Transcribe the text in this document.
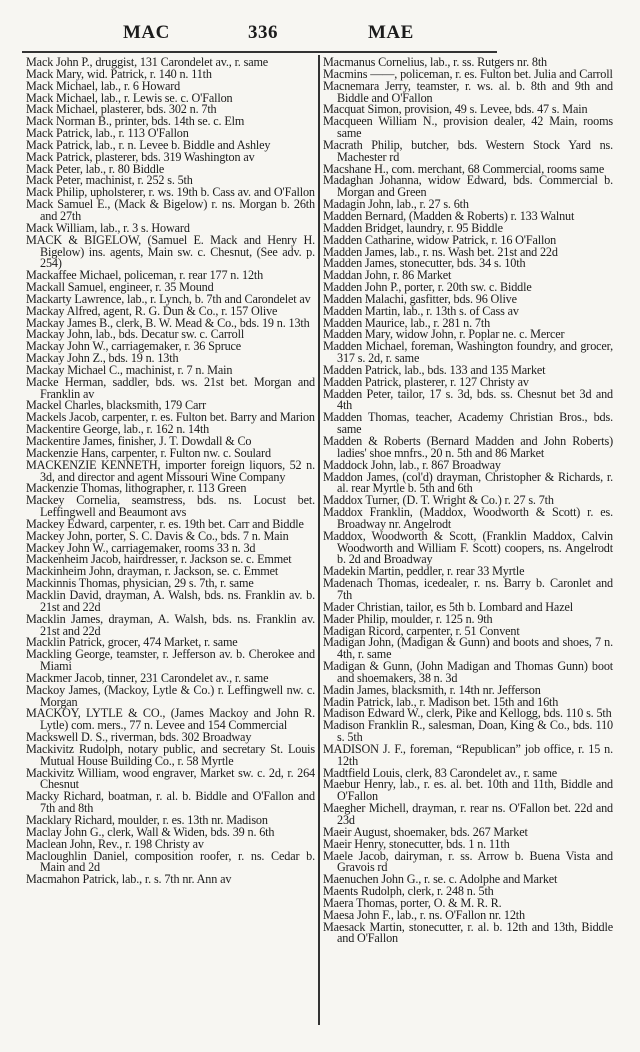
MAC	336	MAE

Mack John P., druggist, 131 Carondelet av., r. same

Mack Mary, wid. Patrick, r. 140 n. 11th

Mack Michael, lab., r. 6 Howard

Mack Michael, lab., r. Lewis se. c. O'Fallon

Mack Michael, plasterer, bds. 302 n. 7th

Mack Norman B., printer, bds. 14th se. c. Elm

Mack Patrick, lab., r. 113 O'Fallon

Mack Patrick, lab., r. n. Levee b. Biddle and Ashley

Mack Patrick, plasterer, bds. 319 Washington av

Mack Peter, lab., r. 80 Biddle

Mack Peter, machinist, r. 252 s. 5th

Mack Philip, upholsterer, r. ws. 19th b. Cass av. and O'Fallon

Mack Samuel E., (Mack & Bigelow) r. ns. Morgan b. 26th and 27th

Mack William, lab., r. 3 s. Howard

MACK & BIGELOW, (Samuel E. Mack and Henry H. Bigelow) ins. agents, Main sw. c. Chesnut, (See adv. p. 254)

Mackaffee Michael, policeman, r. rear 177 n. 12th

Mackall Samuel, engineer, r. 35 Mound

Mackarty Lawrence, lab., r. Lynch, b. 7th and Carondelet av

Mackay Alfred, agent, R. G. Dun & Co., r. 157 Olive

Mackay James B., clerk, B. W. Mead & Co., bds. 19 n. 13th

Mackay John, lab., bds. Decatur sw. c. Carroll

Mackay John W., carriagemaker, r. 36 Spruce

Mackay John Z., bds. 19 n. 13th

Mackay Michael C., machinist, r. 7 n. Main

Macke Herman, saddler, bds. ws. 21st bet. Morgan and Franklin av

Mackel Charles, blacksmith, 179 Carr

Mackels Jacob, carpenter, r. es. Fulton bet. Barry and Marion

Mackentire George, lab., r. 162 n. 14th

Mackentire James, finisher, J. T. Dowdall & Co

Mackenzie Hans, carpenter, r. Fulton nw. c. Soulard

MACKENZIE KENNETH, importer foreign liquors, 52 n. 3d, and director and agent Missouri Wine Company

Mackenzie Thomas, lithographer, r. 113 Green

Mackey Cornelia, seamstress, bds. ns. Locust bet. Leffingwell and Beaumont avs

Mackey Edward, carpenter, r. es. 19th bet. Carr and Biddle

Mackey John, porter, S. C. Davis & Co., bds. 7 n. Main

Mackey John W., carriagemaker, rooms 33 n. 3d

Mackenheim Jacob, hairdresser, r. Jackson se. c. Emmet

Mackinheim John, drayman, r. Jackson, se. c. Emmet

Mackinnis Thomas, physician, 29 s. 7th, r. same

Macklin David, drayman, A. Walsh, bds. ns. Franklin av. b. 21st and 22d

Macklin James, drayman, A. Walsh, bds. ns. Franklin av. 21st and 22d

Macklin Patrick, grocer, 474 Market, r. same

Mackling George, teamster, r. Jefferson av. b. Cherokee and Miami

Mackmer Jacob, tinner, 231 Carondelet av., r. same

Mackoy James, (Mackoy, Lytle & Co.) r. Leffingwell nw. c. Morgan

MACKOY, LYTLE & CO., (James Mackoy and John R. Lytle) com. mers., 77 n. Levee and 154 Commercial

Mackswell D. S., riverman, bds. 302 Broadway

Mackivitz Rudolph, notary public, and secretary St. Louis Mutual House Building Co., r. 58 Myrtle

Mackivitz William, wood engraver, Market sw. c. 2d, r. 264 Chesnut

Macky Richard, boatman, r. al. b. Biddle and O'Fallon and 7th and 8th

Macklary Richard, moulder, r. es. 13th nr. Madison

Maclay John G., clerk, Wall & Widen, bds. 39 n. 6th

Maclean John, Rev., r. 198 Christy av

Macloughlin Daniel, composition roofer, r. ns. Cedar b. Main and 2d

Macmahon Patrick, lab., r. s. 7th nr. Ann av

Macmanus Cornelius, lab., r. ss. Rutgers nr. 8th

Macmins ——, policeman, r. es. Fulton bet. Julia and Carroll

Macnemara Jerry, teamster, r. ws. al. b. 8th and 9th and Biddle and O'Fallon

Macquat Simon, provision, 49 s. Levee, bds. 47 s. Main

Macqueen William N., provision dealer, 42 Main, rooms same

Macrath Philip, butcher, bds. Western Stock Yard ns. Machester rd

Macshane H., com. merchant, 68 Commercial, rooms same

Madaghan Johanna, widow Edward, bds. Commercial b. Morgan and Green

Madagin John, lab., r. 27 s. 6th

Madden Bernard, (Madden & Roberts) r. 133 Walnut

Madden Bridget, laundry, r. 95 Biddle

Madden Catharine, widow Patrick, r. 16 O'Fallon

Madden James, lab., r. ns. Wash bet. 21st and 22d

Madden James, stonecutter, bds. 34 s. 10th

Maddan John, r. 86 Market

Madden John P., porter, r. 20th sw. c. Biddle

Madden Malachi, gasfitter, bds. 96 Olive

Madden Martin, lab., r. 13th s. of Cass av

Madden Maurice, lab., r. 281 n. 7th

Madden Mary, widow John, r. Poplar ne. c. Mercer

Madden Michael, foreman, Washington foundry, and grocer, 317 s. 2d, r. same

Madden Patrick, lab., bds. 133 and 135 Market

Madden Patrick, plasterer, r. 127 Christy av

Madden Peter, tailor, 17 s. 3d, bds. ss. Chesnut bet 3d and 4th

Madden Thomas, teacher, Academy Christian Bros., bds. same

Madden & Roberts (Bernard Madden and John Roberts) ladies' shoe mnfrs., 20 n. 5th and 86 Market

Maddock John, lab., r. 867 Broadway

Maddon James, (col'd) drayman, Christopher & Richards, r. al. rear Myrtle b. 5th and 6th

Maddox Turner, (D. T. Wright & Co.) r. 27 s. 7th

Maddox Franklin, (Maddox, Woodworth & Scott) r. es. Broadway nr. Angelrodt

Maddox, Woodworth & Scott, (Franklin Maddox, Calvin Woodworth and William F. Scott) coopers, ns. Angelrodt b. 2d and Broadway

Madekin Martin, peddler, r. rear 33 Myrtle

Madenach Thomas, icedealer, r. ns. Barry b. Caronlet and 7th

Mader Christian, tailor, es 5th b. Lombard and Hazel

Mader Philip, moulder, r. 125 n. 9th

Madigan Ricord, carpenter, r. 51 Convent

Madigan John, (Madigan & Gunn) and boots and shoes, 7 n. 4th, r. same

Madigan & Gunn, (John Madigan and Thomas Gunn) boot and shoemakers, 38 n. 3d

Madin James, blacksmith, r. 14th nr. Jefferson

Madin Patrick, lab., r. Madison bet. 15th and 16th

Madison Edward W., clerk, Pike and Kellogg, bds. 110 s. 5th

Madison Franklin R., salesman, Doan, King & Co., bds. 110 s. 5th

MADISON J. F., foreman, “Republican” job office, r. 15 n. 12th

Madtfield Louis, clerk, 83 Carondelet av., r. same

Maebur Henry, lab., r. es. al. bet. 10th and 11th, Biddle and O'Fallon

Maegher Michell, drayman, r. rear ns. O'Fallon bet. 22d and 23d

Maeir August, shoemaker, bds. 267 Market

Maeir Henry, stonecutter, bds. 1 n. 11th

Maele Jacob, dairyman, r. ss. Arrow b. Buena Vista and Gravois rd

Maenuchen John G., r. se. c. Adolphe and Market

Maents Rudolph, clerk, r. 248 n. 5th

Maera Thomas, porter, O. & M. R. R.

Maesa John F., lab., r. ns. O'Fallon nr. 12th

Maesack Martin, stonecutter, r. al. b. 12th and 13th, Biddle and O'Fallon
